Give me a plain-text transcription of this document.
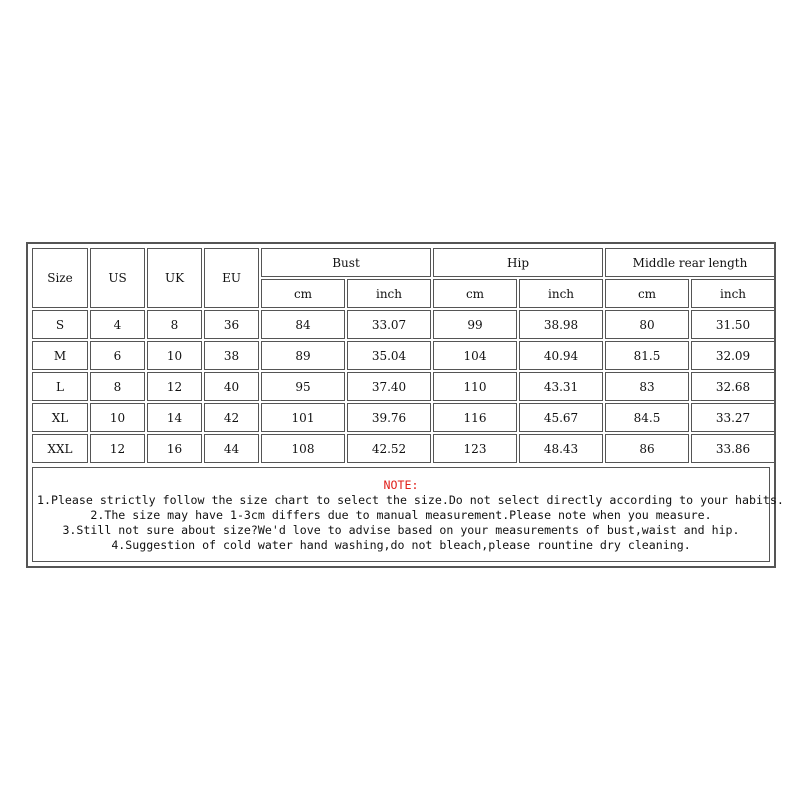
Size	US	UK	EU	Bust		Hip		Middle rear length	
				cm	inch	cm	inch	cm	inch
S	4	8	36	84	33.07	99	38.98	80	31.50
M	6	10	38	89	35.04	104	40.94	81.5	32.09
L	8	12	40	95	37.40	110	43.31	83	32.68
XL	10	14	42	101	39.76	116	45.67	84.5	33.27
XXL	12	16	44	108	42.52	123	48.43	86	33.86
NOTE:
1.Please strictly follow the size chart to select the size.Do not select directly according to your habits.
2.The size may have 1-3cm differs due to manual measurement.Please note when you measure.
3.Still not sure about size?We'd love to advise based on your measurements of bust,waist and hip.
4.Suggestion of cold water hand washing,do not bleach,please rountine dry cleaning.
